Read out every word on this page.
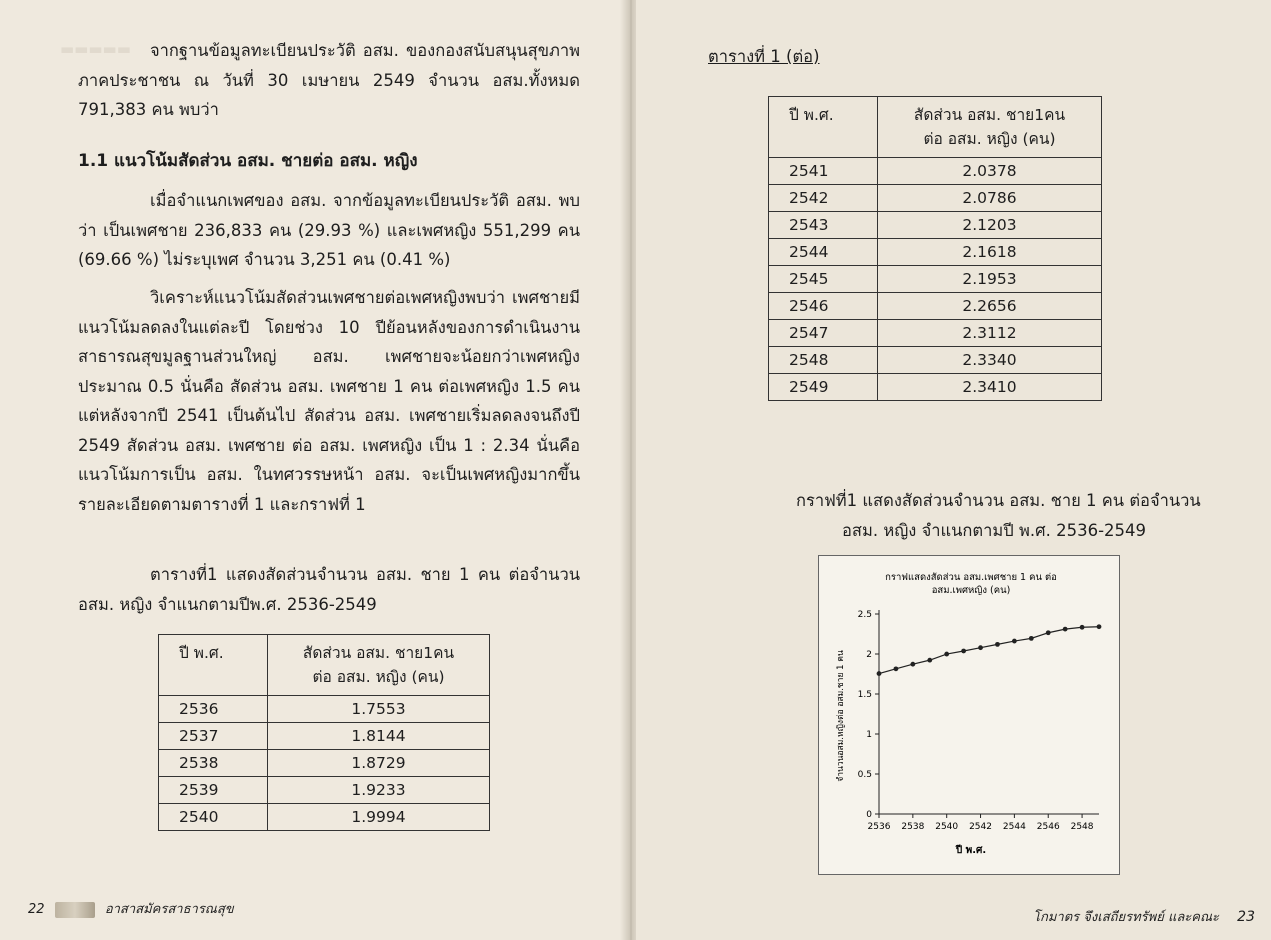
▬▬▬▬▬	จากฐานข้อมูลทะเบียนประวัติ อสม. ของกองสนับสนุนสุขภาพภาคประชาชน ณ วันที่ 30 เมษายน 2549 จำนวน อสม.ทั้งหมด 791,383 คน พบว่า

1.1 แนวโน้มสัดส่วน อสม. ชายต่อ อสม. หญิง

เมื่อจำแนกเพศของ อสม. จากข้อมูลทะเบียนประวัติ อสม. พบว่า เป็นเพศชาย 236,833 คน (29.93 %) และเพศหญิง 551,299 คน (69.66 %) ไม่ระบุเพศ จำนวน 3,251 คน (0.41 %)

วิเคราะห์แนวโน้มสัดส่วนเพศชายต่อเพศหญิงพบว่า เพศชายมีแนวโน้มลดลงในแต่ละปี โดยช่วง 10 ปีย้อนหลังของการดำเนินงานสาธารณสุขมูลฐานส่วนใหญ่ อสม. เพศชายจะน้อยกว่าเพศหญิงประมาณ 0.5 นั่นคือ สัดส่วน อสม. เพศชาย 1 คน ต่อเพศหญิง 1.5 คน แต่หลังจากปี 2541 เป็นต้นไป สัดส่วน อสม. เพศชายเริ่มลดลงจนถึงปี 2549 สัดส่วน อสม. เพศชาย ต่อ อสม. เพศหญิง เป็น 1 : 2.34 นั่นคือ แนวโน้มการเป็น อสม. ในทศวรรษหน้า อสม. จะเป็นเพศหญิงมากขึ้น รายละเอียดตามตารางที่ 1 และกราฟที่ 1

ตารางที่1 แสดงสัดส่วนจำนวน อสม. ชาย 1 คน ต่อจำนวน อสม. หญิง จำแนกตามปีพ.ศ. 2536-2549

ปี พ.ศ.	สัดส่วน อสม. ชาย1คน
ต่อ อสม. หญิง (คน)

2536	1.7553
2537	1.8144
2538	1.8729
2539	1.9233
2540	1.9994
22	อาสาสมัครสาธารณสุข

ตารางที่ 1 (ต่อ)

ปี พ.ศ.	สัดส่วน อสม. ชาย1คน
ต่อ อสม. หญิง (คน)

2541	2.0378
2542	2.0786
2543	2.1203
2544	2.1618
2545	2.1953
2546	2.2656
2547	2.3112
2548	2.3340
2549	2.3410

กราฟที่1 แสดงสัดส่วนจำนวน อสม. ชาย 1 คน ต่อจำนวน

อสม. หญิง จำแนกตามปี พ.ศ. 2536-2549

โกมาตร จึงเสถียรทรัพย์ และคณะ 23
กราฟแสดงสัดส่วน อสม.เพศชาย 1 คน ต่อ
อสม.เพศหญิง (คน)
จำนวนอสม.หญิงต่อ อสม.ชาย 1 คน
ปี พ.ศ.
0
0.5
1
1.5
2
2.5
2536 2538 2540 2542 2544 2546 2548
